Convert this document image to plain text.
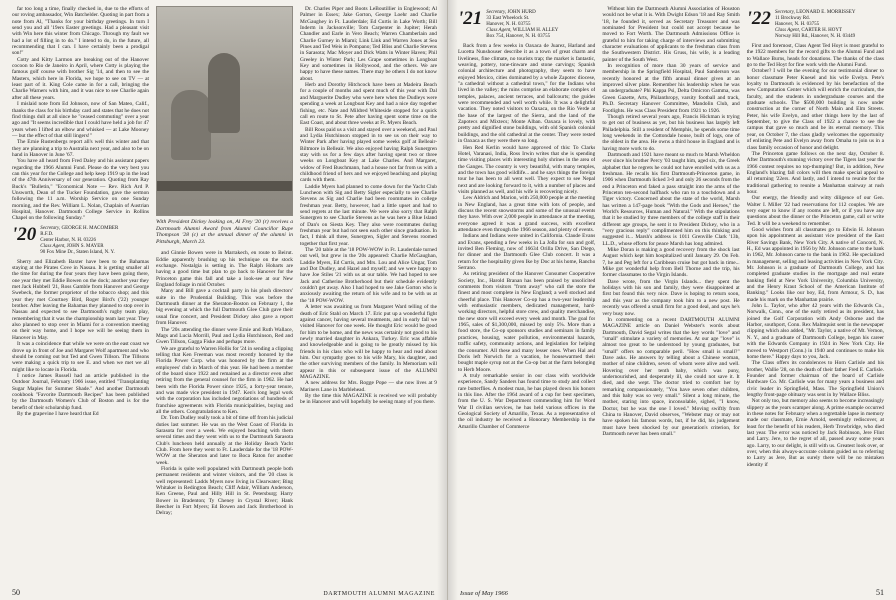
far too long a time, finally checked in, due to the efforts of our roving ambassador, Win Batchelder. Quoting in part from a note from Al, "Thanks for your birthday greetings. In turn I send you and all '19ers Easter greetings. Had a pleasant visit with Win here this winter from Chicago. Through my fault we had a lot of filling in to do." I intend to do, in the future, all recommending that I can. I have certainly been a prodigal son!"

Cotty and Kitty Larmon are breaking out of the Hanover cocoon to Rio de Janeiro in April, where Cotty is playing the famous golf course with brother Sig '14, and then to see the Masters, which here in Florida, we hope to see on TV — at least part of it. King Cole came in for a call, bringing the Charlie Warners with him, and it was nice to see Charlie again after all these years.

I mislaid note from Ed Johnson, now of San Mateo, Calif., thanks the class for his birthday card and states that he does not find things dull at all since he "ceased commuting" over a year ago and "It seems incredible that I could have held a job for 47 years when I lifted an elbow and whisked — at Lake Mooney — but the effect of that still lingers!"

The Ernie Rustenbergs report all's well this winter and that they are planning a trip to Australia next year, and also to be on hand in Hanover in June '67.

You have all heard from Fred Daley and his assistant papers regarding the 1966 Alumni Fund. Please do the very best you can this year for the College and help keep 1919 up in the lead of the 47th Anniversary of our generation. Quoting from Ray Buck's "Bulletin," "Economical Note — Rev. Rich Ard P. Unsworth, Dean of the Tucker Foundation, gave the sermon following the 11 a.m. Worship Service on one Sunday morning, and the Rev. William L. Nolan, Chaplain of Austrian Hospital, Hanover. Dartmouth College Service in Rollins Chapel on the following Sunday."

'20 Secretary, GEORGE H. MACOMBER
R.F.D.
Center Harbor, N. H. 03226
Class Agent, JOHN S. MAYER
90 Fox Mine Dr., Staten Island, N. Y.

Sherry and Elizabeth Baxter have been to the Bahamas staying at the Pirates Cove in Nassau. It is getting smaller all the time for during the four years they have been going there, one year they met Eddie Bowen on the dock; another year they met Jack Hubbell '21, Ross Gamble from Hanover and George Swebeck, the former proprietor of the tobacco shop; and this year they met Courtney Bird, Roger Bird's ('22) younger brother. After leaving the Bahamas they planned to stop over in Nassau and expected to see Dartmouth's rugby team play, remembering that it was the championship team last year. They also planned to stop over in Miami for a convention meeting on their way home, and I hope we will be seeing them in Hanover in May.

It was a coincidence that while we were on the east coast we drove up in front of Joe and Margaret Wolf apartment and who should be coming out but Ted and Gwen Tillson. The Tillsons were making a quick trip to see E. and when we met we all might like to locate in Florida.

I notice James Russell had an article published in the Outdoor Journal, February 1966 issue, entitled "Transplanting Sugar Maples for Summer Shade." And another Dartmouth cookbook "Favorite Dartmouth Recipes" has been published by the Dartmouth Women's Club of Boston and is for the benefit of their scholarship fund.

By the grapevine I have heard that Ed

With President Dickey looking on, Al Frey '20 (r) receives a Dartmouth Alumni Award from Alumni Councillor Rupe Thompson '28 (c) at the annual dinner of the alumni in Pittsburgh, March 23.

and Ginnie Bowen were in Marrakech, en route to Beirut. Eddie apparently brushing up his technique on the stock exchange. Nostalgia is setting in. The Ralph Hobarts are having a good time but plan to go back to Hanover for the Princeton game this fall and take a look-see at our New England foliage in mid October.

Many and Bill gave a cocktail party in his plush directors' suite in the Prudential Building. This was before the Dartmouth dinner at the Sheraton-Boston on February 1, the big evening at which the full Dartmouth Glee Club gave their usual fine concert, and President Dickey also gave a report from Hanover.

The '20s attending the dinner were Ernie and Ruth Wallace, Mags and Lucia Morrill, Paul and Lydia Hutchinson, Red and Gwen Tillson, Gagga Fiske and perhaps more.

We are grateful to Warren Hollis for '24 in sending a clipping telling that Ken Freeman was most recently honored by the Florida Power Corp. who was honored by the firm at the employees' club in March of this year. He had been a member of the board since 1922 and remained as a director even after retiring from the general counsel for the firm in 1962. He had been with the Florida Power since 1925, a forty-year tenure, and was made vice president in 1947. Ken's long legal work with the corporation has included negotiations of hundreds of franchise agreements with Florida municipalities, buying and all the others. Congratulations to Ken.

Dr. Tom Dudley really took a bit of time off from his judicial duties last summer. He was on the West Coast of Florida in Sarasota for over a week. We enjoyed beaching with them several times and they went with us to the Dartmouth Sarasota Club's luncheon held annually at the Holiday Beach Yacht Club. From here they went to Ft. Lauderdale for the '18 POW-WOW at the Sheraton and later to Boca Raton for another week.

Florida is quite well populated with Dartmouth people both permanent residents and winter visitors, and the '20 class is well represented: Ladds Myers now living in Clearwater; Bing Whitaker in Redington Beach; Cliff Adair, William Anderson, Ken Greene, Paul and Hilly Hill in St. Petersburg; Harry Bower in Bradenton; Ty Cheney in Crystal River; Hank Beecher in Fort Myers; Ed Bowen and Jack Brotherhood in Delray;

Dr. Charles Piper and Boots LeBoutillier in Englewood; Al Palmer in Essex; Jake Gorton, George Loehr and Charlie McGaughey in Ft. Lauderdale; Ed Curtis in Lake Worth; Bill Inderm in Jacksonville; Tom Carpenter in Jupiter; Herah Chandler and Earle in Vero Beach; Warren Chamberlain and Charlie Gurney in Miami; Link Link and Warren Jones at Sea Pines and Ted Weis in Pompano; Ted Bliss and Charlie Stevens in Sarasota; Mac Moyer and Dick Watts in Winter Haven; Phil Greeley in Winter Park; Les Grape sometimes in Longboat Key and sometimes in Hollywood, and the others. We are happy to have these names. There may be others I do not know about.

Herb and Dorothy Hitchcock have been at Madeira Beach for a couple of months and spent much of this year with Dal and Marguerite Dudley who were here when the Dudleys were spending a week at Longboat Key and had a nice day together fishing, etc. Nate and Mildred Whiteside stopped for a quick call en route to St. Pete after having spent some time on the East Coast, and about three weeks at Ft. Myers Beach.

Bill Ross paid us a visit and stayed over a weekend, and Paul and Lydia Hutchinson stopped in to see us on their way to Winter Park after having played some weeks golf at Belleair-Biltmore in Belleair. We also enjoyed having Ralph Sunergren stay with us for a few days after having spent two or three weeks on Longboat Key at Lake Charles. And Margaret, widow of Fred Buschmann, had a house not far from us with a childhood friend of hers and we enjoyed beaching and playing cards with them.

Laddie Myers had planned to come down for the Yacht Club Luncheon with Sig and Betty Sigler especially to see Charlie Stevens as Sig and Charlie had been roommates in college freshman year. Betty, however, had a little upset and had to send regrets at the last minute. We were also sorry that Ralph Sunergren to see Charlie Stevens as he was here a Blue Island of Dan's on Siesta Key. They also were roommates during freshman year but had not seen each other since graduation. In fact, I think all three, Sunergren, Sigler and Stevens roomed together that first year.

The '20 table at the '18 POW-WOW in Ft. Lauderdale turned out well, but grew in the '20s appeared: Charlie McGaughan, Laddie Myers, Ed Curtis, and Mrs. Lou and Alice Ungar, Tom and Dot Dudley, and Hazel and myself; and we were happy to have Joe Stiles '21 with us at our table. We had hoped to see Jack and Catherine Brotherhood but their schedule evidently couldn't get away. Also I had hoped to see Jake Gorton who is anxiously awaiting the return of his wife and to be with us at the '18 POW-WOW.

A letter was awaiting us from Margaret Ward telling of the death of Eric Stahl on March 17. Eric put up a wonderful fight against cancer, having several treatments, and in early fall we visited Hanover for one week. He thought Eric would be good for him to be home, and the news was certainly not good to his newly married daughter in Ankara, Turkey. Eric was affable and knowledgeable and is going to be greatly missed by his friends in his class who will be happy to hear and read about him. Our sympathy goes to his wife Mary, his daughter, and the other surviving members of the family. In Memoriam will appear in this or subsequent issue of the ALUMNI MAGAZINE.

A new address for Mrs. Rogge Pope — she now lives at 9 Mariners Lane in Marblehead.

By the time this MAGAZINE is received we will probably be in Hanover and will hopefully be seeing many of you there.

50	DARTMOUTH ALUMNI MAGAZINE
'21 Secretary, JOHN HURD
33 East Wheelock St.
Hanover, N. H. 03755
Class Agent, WILLIAM H. ALLEY
Box 754, Hanover, N. H. 03755

Back from a few weeks in Oaxaca de Juarez, Harland and Lucetta Nunshouser describe it as a town of great charm and liveliness, fine climate, no tourists trap; the market is fantastic, weaving, pottery, tone-tinware and stone carvings; Spanish colonial architecture and photography, they seem to have enjoyed Mexico, cities dominated by a whole Zapotec diocese, "a cathedral without a cathedral town," for the Indians who lived in the valley; the ruins comprise an elaborate complex of temples, palaces, ancient terraces, and ballcourts; the guides were recommended and well worth while. It was a delightful vacation. They noted visitors to Oaxaca, on the Rio Verde at the base of the largest of the Sierra, and the land of the Zapotecs and Mixtecs; Monte Alban. Oaxaca is lovely, with pretty and dignified stone buildings, with old Spanish colonial buildings, and the old cathedral at the center. They were rested in Oaxaca as they were there so long.

Hen Red Kerlin would have approved of this: To Clarks Hotel, Varanasi, India, Ross Irwin writes that she is spending time visiting places with interesting holy shrines in the area of the Ganges. The country is very beautiful, with many temples, and the town has good wildlife... and he says things the foreign tour he has been to all went well. They expect to see Nepal next and are looking forward to it, with a number of places and visits planned as well, and his wife is recovering nicely.

Lew Aldrich and Marion, with 250,000 people at the meeting in New England, has a great time with lots of people, and discuss the recent snowstorms and some of the unusual events they have. With over 2,000 people in attendance at the meeting, everyone agreed it was a grand success, with excellent attendance even through the 1966 season, and plenty of events.

Indians and Indians were united in California. Claude Evans and Evans, spending a few weeks in La Jolla for sun and golf, invited Ben Fleming, now of 16634 Orilla Drive, San Diego, for dinner and the Dartmouth Glee Club concert. It was a return for the hospitality given Ike by Doc at his home, Rancho Serrano.

As retiring president of the Hanover Consumer Cooperative Society, Inc., Harold Branan has been praised by unsolicited comments from visitors "from away" who call the store the finest and most complete in New England; a well stocked and cheerful place. This Hanover Co-op has a two-year leadership with enthusiastic members, dedicated management, hard-working directors, helpful store crew, and quality merchandise, the new store will exceed every week and month. The goal for 1965, sales of $1,300,000, missed by only 5%. More than a food store, the Co-op sponsors studies and seminars in family practices, housing, water pollution, environmental hazards, traffic safety, community actions, and legislation for helping the consumer. All these and many lesser ones. When Hal and Doris left Norwich for a vacation, he housewarmed their bought maple syrup not at the Co-op but at the farm belonging to Herb Moore.

A truly remarkable senior in our class with worldwide experience, Sandy Sanders has found time to study and collect rare butterflies. A modest man, he has played down his honors in this line. After the 1964 award of a cup for best specimen, from the U. S. War Department commending him for Word War II civilian services, he has held various offices in the Geological Society of Amarillo, Texas. As a representative of the oil industry he received a Honorary Membership in the Amarillo Chamber of Commerce

Without him the Dartmouth Alumni Association of Houston would not be what it is. With Dwight Edson '18 and Ray Smith '18, he founded it, served as Secretary Treasurer and was nominated for President but could not accept because he moved to Fort Worth. The Dartmouth Admissions Office is grateful to him for taking charge of interviews and submitting character evaluations of applicants to the freshman class from the Southwestern District. His Gruss, his wife, is a leading painter of the South West.

In recognition of more than 30 years of service and membership in the Springfield Hospital, Paul Sanderson was recently honored at the fifth annual dinner given at an improved silver plate. Remember his leadership when he was an undergraduate? Phi Kappa Psi, Delta Omicron Gamma, was Green Gazette, Arts, Philanthropy, varsity football and track, Ph.D. Secretary Hanover Committee, Mandolin Club, and Footlights. He was Class President from 1921 to 1926.

Though retired several years ago, Francis Hickman is trying to get out of business as yet, but his business has largely left Philadelphia. Still a resident of Memphis, he spends some time long weekends in the Cottondale house, built of logs, one of the oldest in the area. He owns a third house in England and is having more work to do.

Dartmouth and 1921 have meant so much to Marsh Wheldon ever since his brother Percy '03 taught him, aged six, the Greek alphabet that he regrets he could not have enrolled with us as a freshman. He recalls his first Dartmouth-Princeton game, in 1906 when Dartmouth licked 3-0 and only 26 seconds from the end a Princeton end faked a pass straight into the arms of the Princeton ten-second halfback who ran to a touchdown and a Tiger victory. Concerned about the state of the world, Marsh has written a 147-page book "With the Gods and Heroes," the World's Resources, Human and Natural." With the stipulations that it be studied by three members of the college staff in their different age groups, he sent it to President Dickey, who in a "very gracious reply" complimented him on this thinking and suggested it... Marsh's address is 1011 Grenville Clark '13b, LL.D., whose efforts for peace Marsh has long admired.

Mike Doran is making a good recovery from the shock last August which kept him hospitalized until January 29. On Feb. 7, he and Peg left for a Caribbean cruise but got back in time... Mike got wonderful help from Bell Thorne and the trip, his former classmates to the Virgin Islands.

Dave wrote, from the Virgin Islands... they spent the holidays with his son and family, they were disappointed at first but found this very nice. Dave is hoping to return soon, and this year as the company took him to a new post. He recently was offered a small firm for a good deal, and says he's very busy now.

In commenting on a recent DARTMOUTH ALUMNI MAGAZINE article on Daniel Webster's words about Dartmouth, David Segal writes that the key words "love" and "small" stimulate a variety of memories. At our age "love" is almost too great to be understood by young graduates, but "small" offers no comparable peril. "How small is small?" Dave asks. He answers by telling about a Chinese woman, mother of nine children, seven of whom were alive and well. Hovering over her tenth baby, which was puny, undernourished, and desperately ill, she could not save it. It died, and she wept. The doctor tried to comfort her by remarking compassionately, "You have seven other children, and this baby was so very small." Silent a long minute, the mother, staring into space, inconsolable, sighed, "I know, Doctor, but he was the one I loved." Moving swiftly from China to Hanover, David observes, "Webster may or may not have spoken his famous words, but, if he did, his judgement must have been shocked by our generation's criterion, for Dartmouth never has been small."

'22 Secretary, LEONARD E. MORRISSEY
11 Brockway Rd.
Hanover, N. H. 03755
Class Agent, CARTER H. HOYT
Norway Hill Rd., Hanover, N. H. 03449

First and foremost, Class Agent Ted Hoyt is most grateful to the 1922 members for the record gifts to the Alumni Fund and to Wallace Burns, heads for donations. The thanks of the class go to the Ted Hoyt for fine work with the Alumni Fund.

October? I will be the evening for our testimonial dinner to honor classmate Peter Knesel and his wife Evelyn. Pete's loyalty to Dartmouth is evidenced by his benefaction of the new Computation Center which will enrich the curriculum, the faculty, and the students in undergraduate courses and the graduate schools. The $500,000 building is now under construction at the corner of North Main and Elm Streets. Peter, his wife Evelyn, and other things here by the last of September, to give the Class of 1922 a chance to see the campus that gave so much and be its eternal memory. This year, on October 7, the class gladly welcomes the opportunity of enlisting Pete and Evelyn away from Omaha to join us in a class family occasion of honor and delight.

The Princeton game follows on the next day, October 8. After Dartmouth's stunning victory over the Tigers last year the 1966 contest requires no top-thumping! But, in addition, New England's blazing fall colors will then make special appeal to all returning '22ers. And lastly, and I intend to reunite for the traditional gathering to reunite a Manhattan stairway at rush hour.

Our energy, the friendly and witty diligence of our Gen. Walter I. Miller '22 had reservations for 112 couples. We are very eager to know if any rooms are left, or if you have any questions about the dinner or the Princeton game, call or write Ted. It will be a weekend to remember.

Good wishes from all classmates go to Edwin H. Johnson upon his appointment as assistant vice president of the East River Savings Bank, New York City. A native of Concord, N. H., Ed was appointed in 1956 by Mr. Johnson came to the bank in 1962, Mr. Johnson came to the bank in 1962. He specialized in management, selling and leasing activities in New York City. Mr. Johnson is a graduate of Dartmouth College, and has completed graduate studies in the mortgage and real estate banking field at New York University, Columbia University, and the Henry Kraut School of the American Institute of Banking." Looks like our boy, Ed, from Armour, S. D., has made his mark on the Manhattan prairie.

John L. Taylor, who after 42 years with the Edwards Co., Norwalk, Conn., one of the early retired as its president, has joined the Golf Corporation with Andy Osborne and the Harbor, southport, Conn. Rex Malmquist sent in the newspaper clipping which also added, "Mr. Taylor, a native of Mt. Vernon, N. Y., and a graduate of Dartmouth College, began his career with the Edwards Company in 1924 in New York City. He moved to Westport (Conn.) in 1940 and continues to make his home there." Happy days to you, Jack.

The Class offers its condolences to Horn Carlisle and his brother, Wallie '28, on the death of their father Fred E. Carlisle. Founder and former chairman of the board of Carlisle Hardware Co. Mr. Carlisle was for many years a business and civic leader in Springfield, Mass. The Springfield Union's lengthy front-page obituary was sent in by Wallace Bliss.

Not only too, but memory also seems to become increasingly slippery as the years scamper along. A prime example occurred in these notes for February when a regrettable lapse in memory made our classmate, Ernie Arnold, seemingly rediscover, at least for the benefit of his readers, Herb Trowbridge, who died last year. The error was noticed by Jack Robinson, Jere Flint and Larry. Jere, to the regret of all, passed away some years ago. Larry, to our delight, is still with us. Greatest look over, or over, when this always-accurate column guided us to referring to Larry as Jere, But as surely there will be no mistaken identity if

Issue of May 1966	51
